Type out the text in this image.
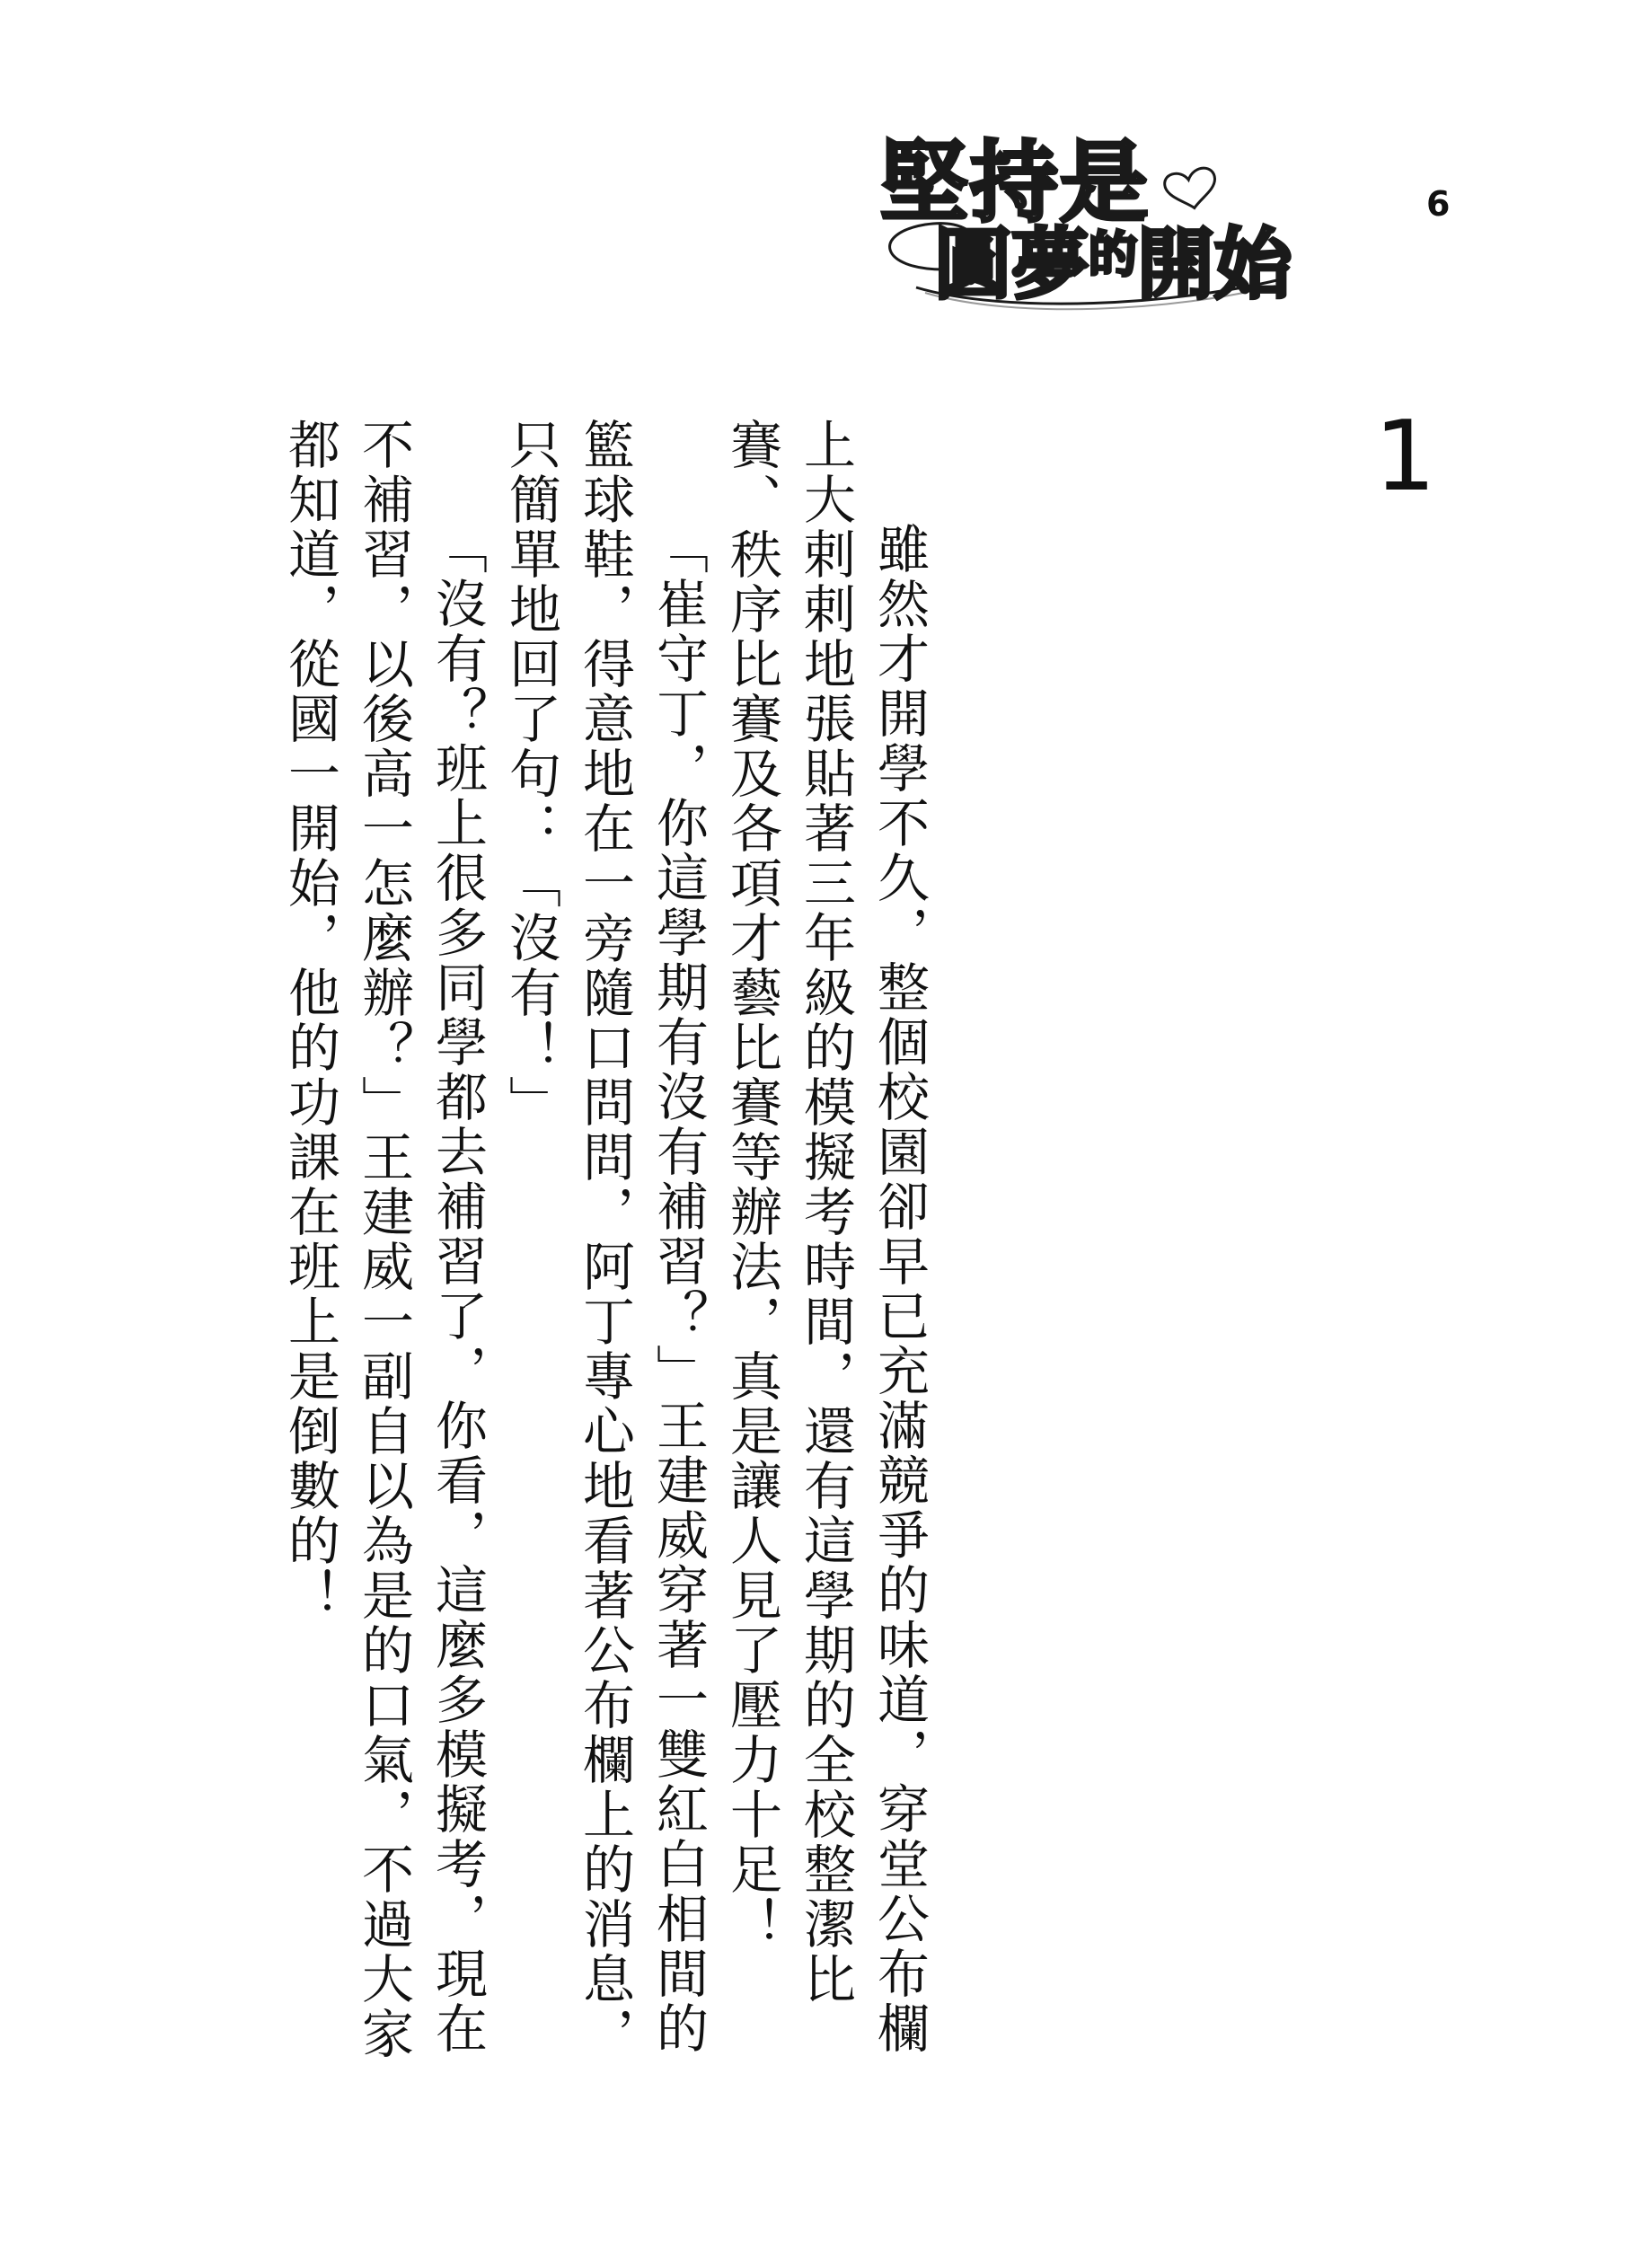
堅持是
圓夢$^的$開始
6
1

雖然才開學不久，整個校園卻早已充滿競爭的味道，穿堂公布欄上大剌剌地張貼著三年級的模擬考時間，還有這學期的全校整潔比賽、秩序比賽及各項才藝比賽等辦法，真是讓人見了壓力十足！

「崔守丁，你這學期有沒有補習？」王建威穿著一雙紅白相間的籃球鞋，得意地在一旁隨口問問，阿丁專心地看著公布欄上的消息，只簡單地回了句：「沒有！」

「沒有？班上很多同學都去補習了，你看，這麼多模擬考，現在不補習，以後高一怎麼辦？」王建威一副自以為是的口氣，不過大家都知道，從國一開始，他的功課在班上是倒數的！
